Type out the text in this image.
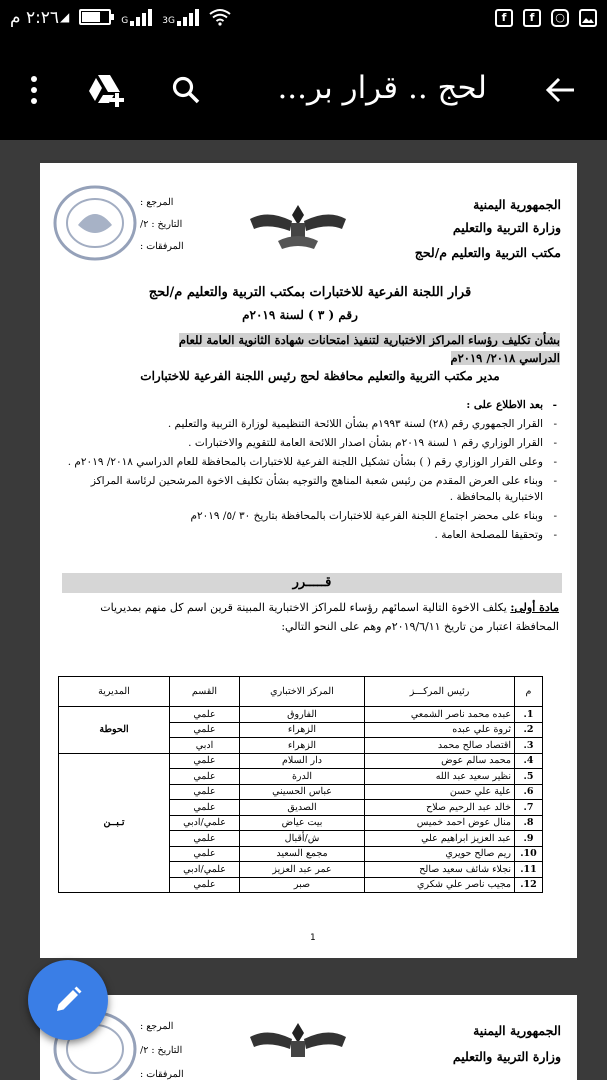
٢:٢٦ م ◢	G	3G	f	f	○
لحج .. قرار بر...
الجمهورية اليمنية
وزارة التربية والتعليم
مكتب التربية والتعليم م/لحج
المرجع :
التاريخ : ٢/
المرفقات :
قرار اللجنة الفرعية للاختبارات بمكتب التربية والتعليم م/لحج
رقم ( ٣ ) لسنة ٢٠١٩م
بشأن تكليف رؤساء المراكز الاختبارية لتنفيذ امتحانات شهادة الثانوية العامة للعام
الدراسي ٢٠١٨/ ٢٠١٩م
مدير مكتب التربية والتعليم محافظة لحج رئيس اللجنة الفرعية للاختبارات
- بعد الاطلاع على :
- القرار الجمهوري رقم (٢٨) لسنة ١٩٩٣م بشأن اللائحة التنظيمية لوزارة التربية والتعليم .
- القرار الوزاري رقم ١ لسنة ٢٠١٩م بشأن اصدار اللائحة العامة للتقويم والاختبارات .
- وعلى القرار الوزاري رقم ( ) بشأن تشكيل اللجنة الفرعية للاختبارات بالمحافظة للعام الدراسي ٢٠١٨/ ٢٠١٩م .
- وبناء على العرض المقدم من رئيس شعبة المناهج والتوجيه بشأن تكليف الاخوة المرشحين لرئاسة المراكز الاختبارية بالمحافظة .
- وبناء على محضر اجتماع اللجنة الفرعية للاختبارات بالمحافظة بتاريخ ٣٠ /٥/ ٢٠١٩م
- وتحقيقا للمصلحة العامة .
قـــــرر
مادة أولى: يكلف الاخوة التالية اسمائهم رؤساء للمراكز الاختبارية المبينة قرين اسم كل منهم بمديريات المحافظة اعتبار من تاريخ ٢٠١٩/٦/١١م وهم على النحو التالي:
م	رئيس المركـــز	المركز الاختباري	القسم	المديرية
1.	عبده محمد ناصر الشمعي	الفاروق	علمي	الحوطة
2.	ثروة علي عبده	الزهراء	علمي	
3.	اقتصاد صالح محمد	الزهراء	ادبي	
4.	محمد سالم عوض	دار السلام	علمي	تـبــن
5.	نظير سعيد عبد الله	الدرة	علمي	
6.	علية علي حسن	عباس الحسيني	علمي	
7.	خالد عبد الرحيم صلاح	الصديق	علمي	
8.	منال عوض احمد خميس	بيت عياض	علمي/ادبي	
9.	عبد العزيز ابراهيم علي	ش/أقبال	علمي	
10.	ريم صالح حويري	مجمع السعيد	علمي	
11.	نجلاء شائف سعيد صالح	عمر عبد العزيز	علمي/ادبي	
12.	مجيب ناصر علي شكري	صبر	علمي	
1
الجمهورية اليمنية
وزارة التربية والتعليم
المرجع :
التاريخ : ٢/
المرفقات :
